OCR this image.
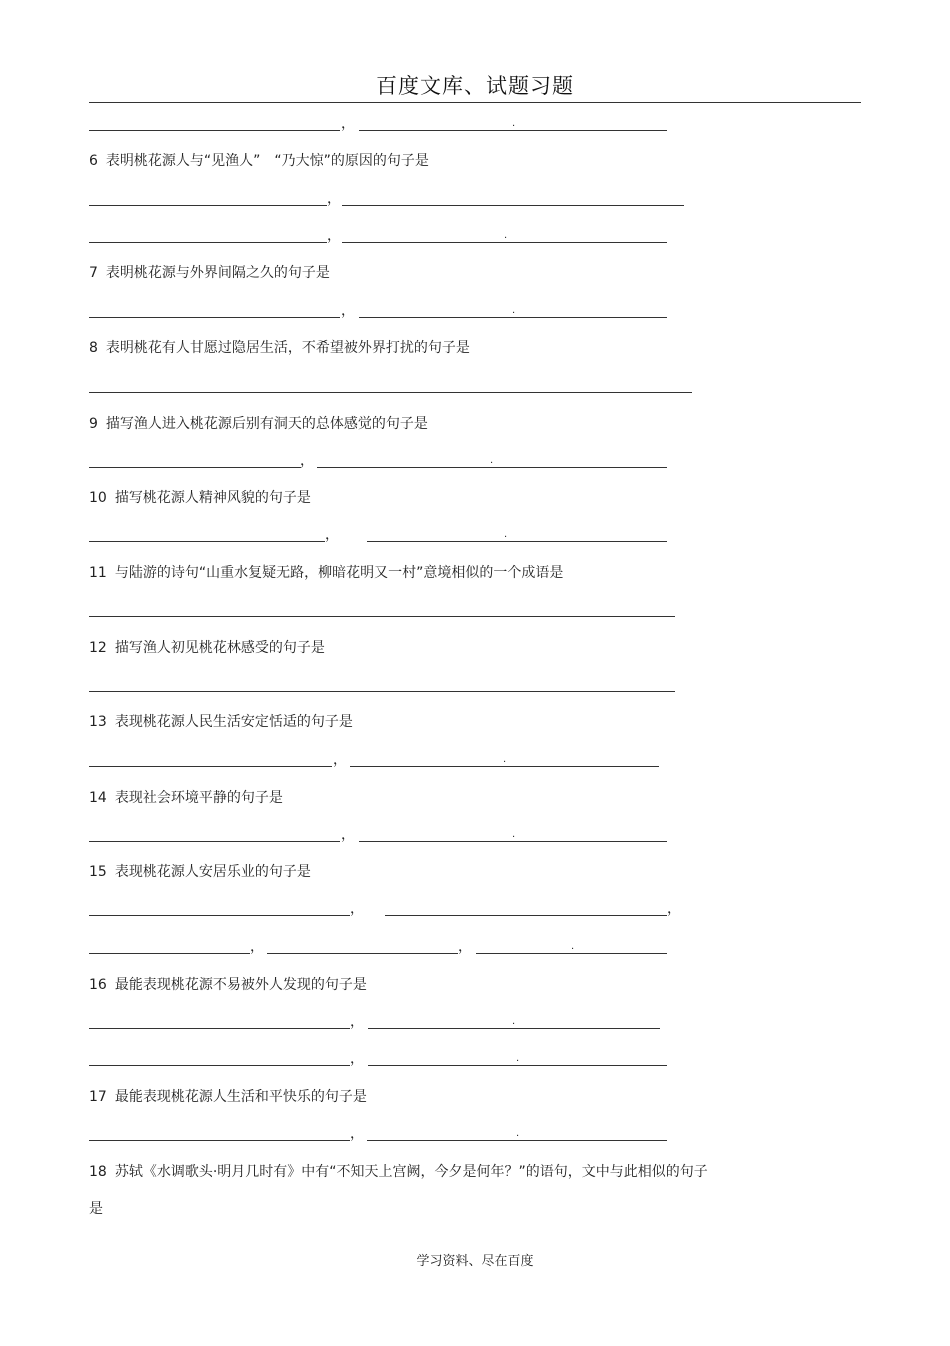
百度文库、试题习题
，	.
6 表明桃花源人与“见渔人”　“乃大惊”的原因的句子是
，
，	.
7 表明桃花源与外界间隔之久的句子是
，	.
8 表明桃花有人甘愿过隐居生活，不希望被外界打扰的句子是
9 描写渔人进入桃花源后别有洞天的总体感觉的句子是
，	.
10 描写桃花源人精神风貌的句子是
，	.
11 与陆游的诗句“山重水复疑无路，柳暗花明又一村”意境相似的一个成语是
12 描写渔人初见桃花林感受的句子是
13 表现桃花源人民生活安定恬适的句子是
，	.
14 表现社会环境平静的句子是
，	.
15 表现桃花源人安居乐业的句子是
，	，
，	，	.
16 最能表现桃花源不易被外人发现的句子是
，	.
，	.
17 最能表现桃花源人生活和平快乐的句子是
，	.
18 苏轼《水调歌头·明月几时有》中有“不知天上宫阙，今夕是何年？”的语句，文中与此相似的句子
是
学习资料、尽在百度
